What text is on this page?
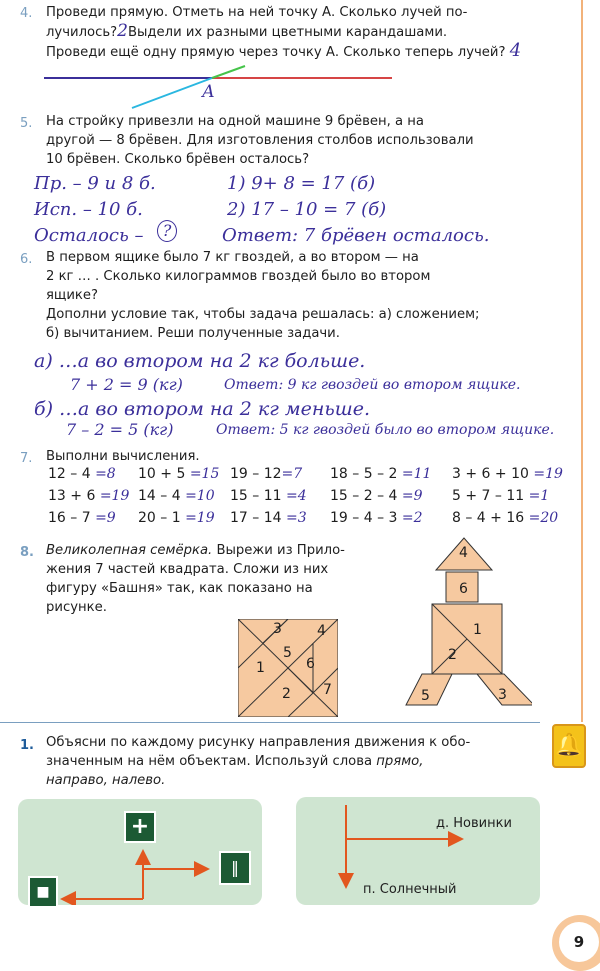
4. Проведи прямую. Отметь на ней точку А. Сколько лучей по-
лучилось?2Выдели их разными цветными карандашами.
Проведи ещё одну прямую через точку А. Сколько теперь лучей? 4
А
5. На стройку привезли на одной машине 9 брёвен, а на
другой — 8 брёвен. Для изготовления столбов использовали
10 брёвен. Сколько брёвен осталось?
Пр. – 9 и 8 б.
Исп. – 10 б.
Осталось –	?
1) 9+ 8 = 17 (б)
2) 17 – 10 = 7 (б)
Ответ: 7 брёвен осталось.
6. В первом ящике было 7 кг гвоздей, а во втором — на
2 кг … . Сколько килограммов гвоздей было во втором
ящике?
Дополни условие так, чтобы задача решалась: а) сложением;
б) вычитанием. Реши полученные задачи.
а) …а во втором на 2 кг больше.
7 + 2 = 9 (кг)	Ответ: 9 кг гвоздей во втором ящике.
б) …а во втором на 2 кг меньше.
7 – 2 = 5 (кг)	Ответ: 5 кг гвоздей было во втором ящике.
7. Выполни вычисления.
12 – 4 =8 10 + 5 =15 19 – 12=7 18 – 5 – 2 =11 3 + 6 + 10 =19
13 + 6 =19 14 – 4 =10 15 – 11 =4 15 – 2 – 4 =9 5 + 7 – 11 =1
16 – 7 =9 20 – 1 =19 17 – 14 =3 19 – 4 – 3 =2 8 – 4 + 16 =20
8. Великолепная семёрка. Вырежи из Прило-
жения 7 частей квадрата. Сложи из них
фигуру «Башня» так, как показано на
рисунке.
1
2
3	4
5
6
7
4
6
1
2
5	3
🔔
1. Объясни по каждому рисунку направления движения к обо-
значенным на нём объектам. Используй слова прямо,
направо, налево.
+
‖
■
д. Новинки
п. Солнечный
9
